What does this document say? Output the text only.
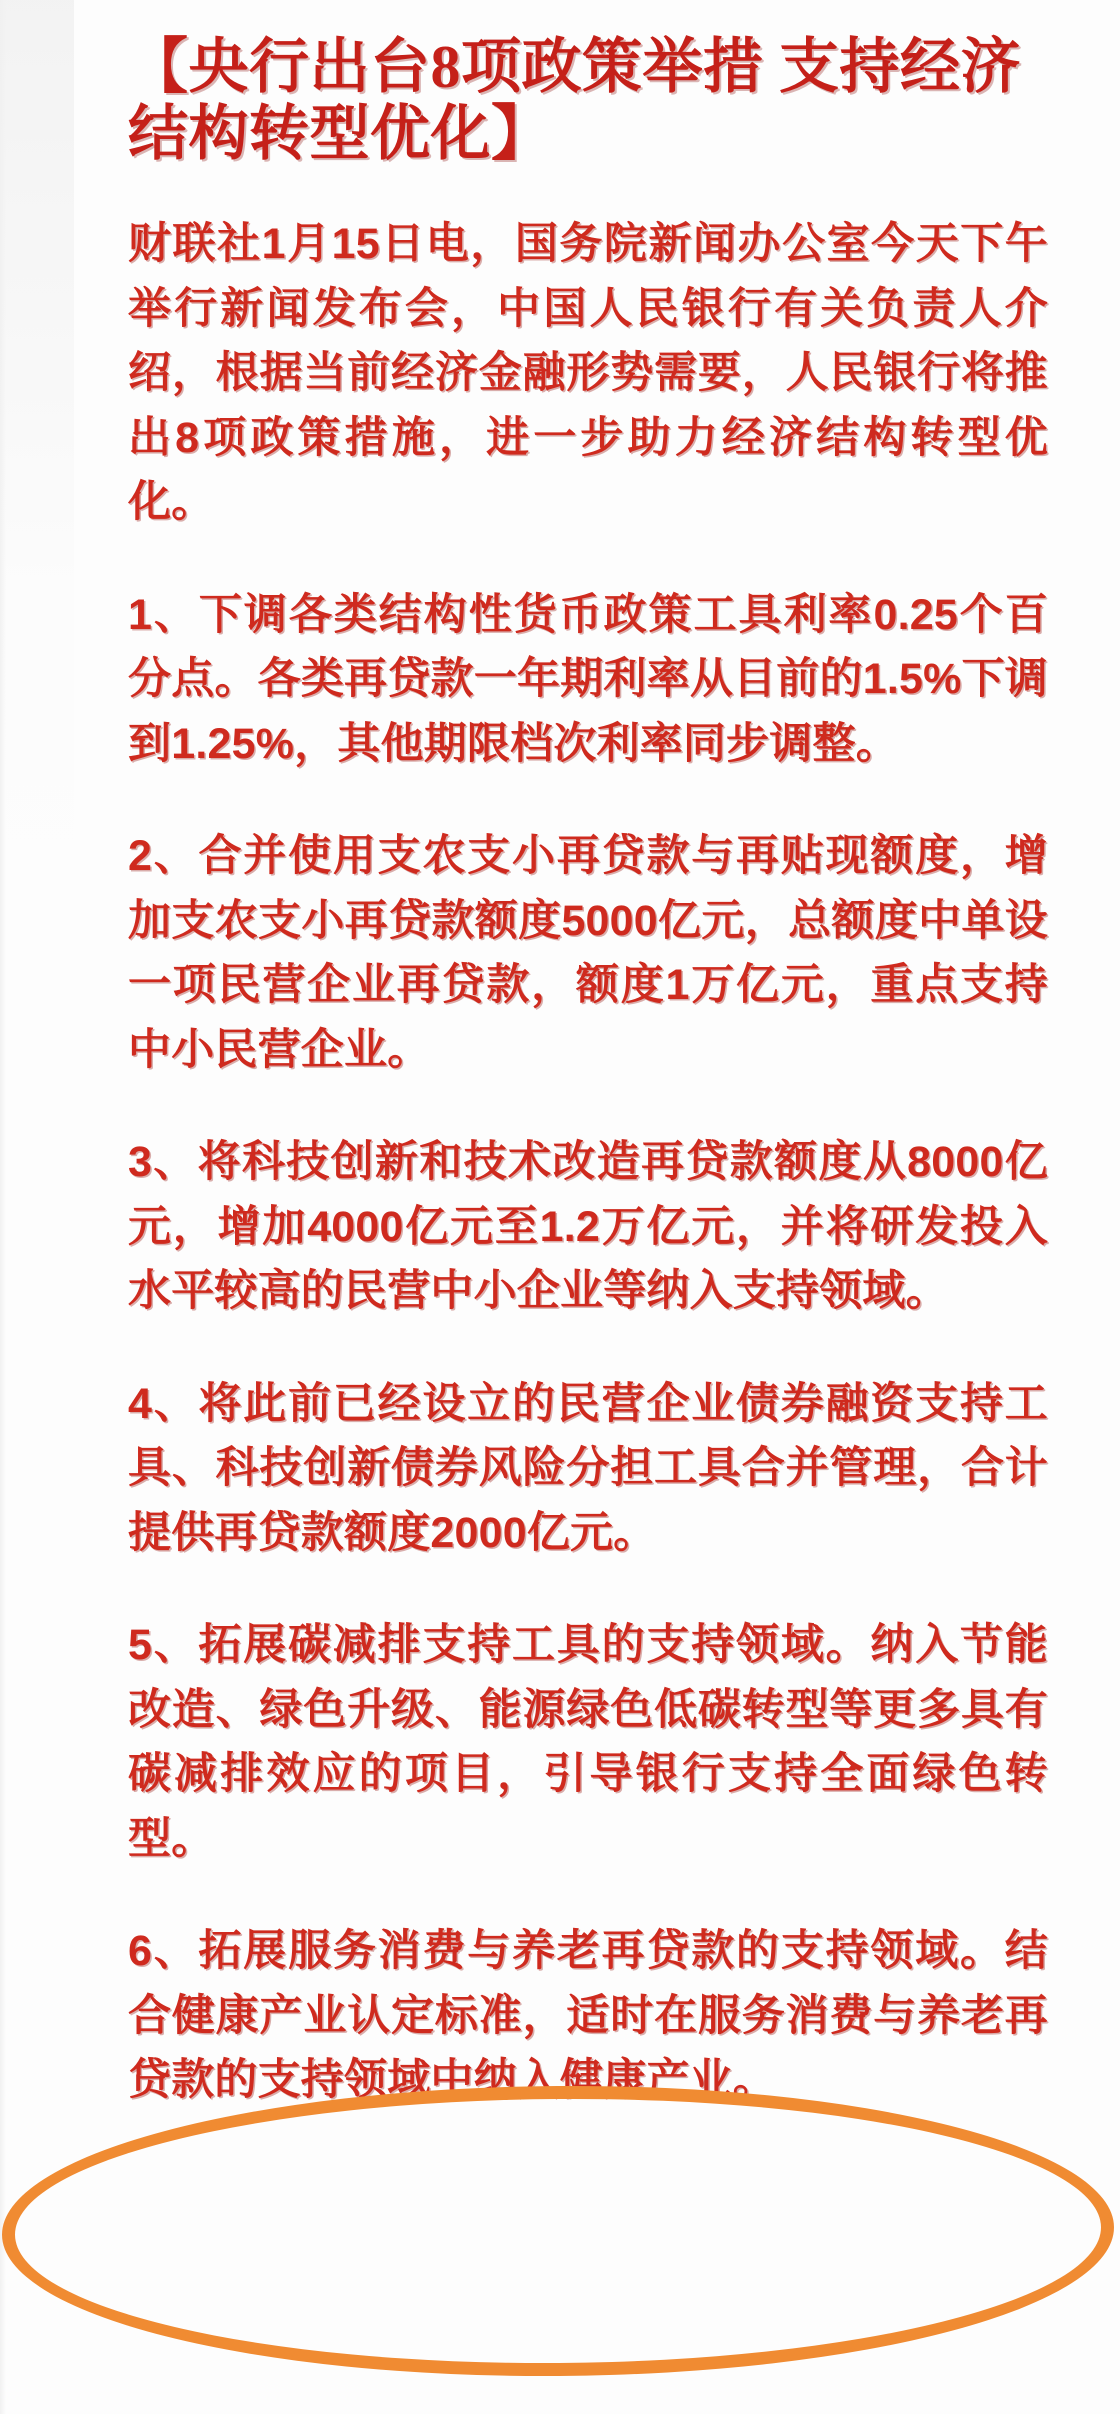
【央行出台8项政策举措 支持经济结构转型优化】

财联社1月15日电，国务院新闻办公室今天下午举行新闻发布会，中国人民银行有关负责人介绍，根据当前经济金融形势需要，人民银行将推出8项政策措施，进一步助力经济结构转型优化。

1、下调各类结构性货币政策工具利率0.25个百分点。各类再贷款一年期利率从目前的1.5%下调到1.25%，其他期限档次利率同步调整。

2、合并使用支农支小再贷款与再贴现额度，增加支农支小再贷款额度5000亿元，总额度中单设一项民营企业再贷款，额度1万亿元，重点支持中小民营企业。

3、将科技创新和技术改造再贷款额度从8000亿元，增加4000亿元至1.2万亿元，并将研发投入水平较高的民营中小企业等纳入支持领域。

4、将此前已经设立的民营企业债券融资支持工具、科技创新债券风险分担工具合并管理，合计提供再贷款额度2000亿元。

5、拓展碳减排支持工具的支持领域。纳入节能改造、绿色升级、能源绿色低碳转型等更多具有碳减排效应的项目，引导银行支持全面绿色转型。

6、拓展服务消费与养老再贷款的支持领域。结合健康产业认定标准，适时在服务消费与养老再贷款的支持领域中纳入健康产业。
